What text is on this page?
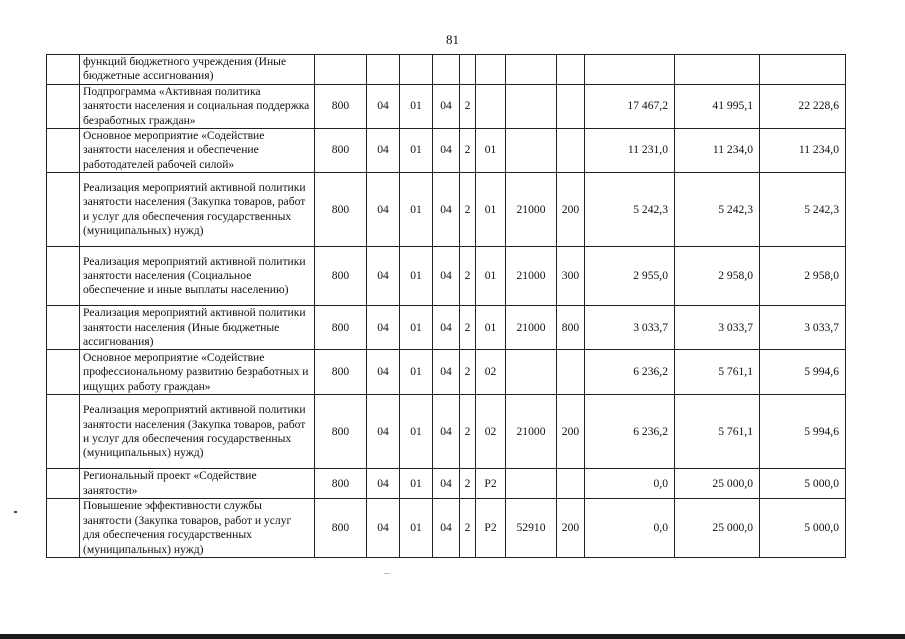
81
	функций бюджетного учреждения (Иные бюджетные ассигнования)											
	Подпрограмма «Активная политика занятости населения и социальная поддержка безработных граждан»	800	04	01	04	2				17 467,2	41 995,1	22 228,6
	Основное мероприятие «Содействие занятости населения и обеспечение работодателей рабочей силой»	800	04	01	04	2	01			11 231,0	11 234,0	11 234,0
	Реализация мероприятий активной политики занятости населения (Закупка товаров, работ и услуг для обеспечения государственных (муниципальных) нужд)	800	04	01	04	2	01	21000	200	5 242,3	5 242,3	5 242,3
	Реализация мероприятий активной политики занятости населения (Социальное обеспечение и иные выплаты населению)	800	04	01	04	2	01	21000	300	2 955,0	2 958,0	2 958,0
	Реализация мероприятий активной политики занятости населения (Иные бюджетные ассигнования)	800	04	01	04	2	01	21000	800	3 033,7	3 033,7	3 033,7
	Основное мероприятие «Содействие профессиональному развитию безработных и ищущих работу граждан»	800	04	01	04	2	02			6 236,2	5 761,1	5 994,6
	Реализация мероприятий активной политики занятости населения (Закупка товаров, работ и услуг для обеспечения государственных (муниципальных) нужд)	800	04	01	04	2	02	21000	200	6 236,2	5 761,1	5 994,6
	Региональный проект «Содействие занятости»	800	04	01	04	2	P2			0,0	25 000,0	5 000,0
	Повышение эффективности службы занятости (Закупка товаров, работ и услуг для обеспечения государственных (муниципальных) нужд)	800	04	01	04	2	P2	52910	200	0,0	25 000,0	5 000,0
